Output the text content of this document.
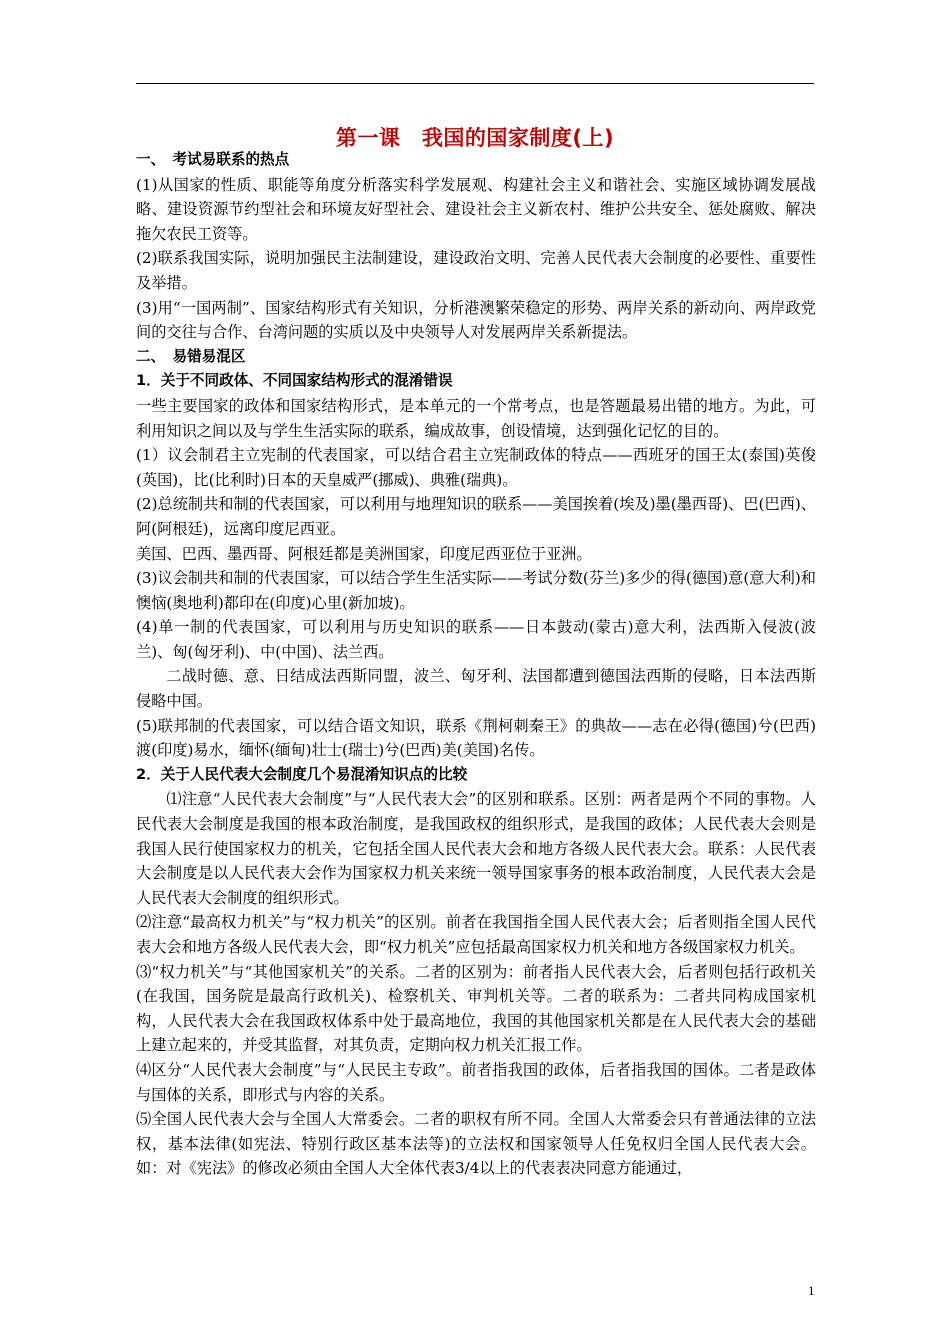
第一课　我国的国家制度(上)

一、　考试易联系的热点

(1)从国家的性质、职能等角度分析落实科学发展观、构建社会主义和谐社会、实施区域协调发展战略、建设资源节约型社会和环境友好型社会、建设社会主义新农村、维护公共安全、惩处腐败、解决拖欠农民工资等。

(2)联系我国实际，说明加强民主法制建设，建设政治文明、完善人民代表大会制度的必要性、重要性及举措。

(3)用“一国两制”、国家结构形式有关知识，分析港澳繁荣稳定的形势、两岸关系的新动向、两岸政党间的交往与合作、台湾问题的实质以及中央领导人对发展两岸关系新提法。

二、　易错易混区

1．关于不同政体、不同国家结构形式的混淆错误

一些主要国家的政体和国家结构形式，是本单元的一个常考点，也是答题最易出错的地方。为此，可利用知识之间以及与学生生活实际的联系，编成故事，创设情境，达到强化记忆的目的。

(1）议会制君主立宪制的代表国家，可以结合君主立宪制政体的特点——西班牙的国王太(泰国)英俊(英国)，比(比利时)日本的天皇威严(挪威)、典雅(瑞典)。

(2)总统制共和制的代表国家，可以利用与地理知识的联系——美国挨着(埃及)墨(墨西哥)、巴(巴西)、阿(阿根廷)，远离印度尼西亚。

美国、巴西、墨西哥、阿根廷都是美洲国家，印度尼西亚位于亚洲。

(3)议会制共和制的代表国家，可以结合学生生活实际——考试分数(芬兰)多少的得(德国)意(意大利)和懊恼(奥地利)都印在(印度)心里(新加坡)。

(4)单一制的代表国家，可以利用与历史知识的联系——日本鼓动(蒙古)意大利，法西斯入侵波(波兰)、匈(匈牙利)、中(中国)、法兰西。

二战时德、意、日结成法西斯同盟，波兰、匈牙利、法国都遭到德国法西斯的侵略，日本法西斯侵略中国。

(5)联邦制的代表国家，可以结合语文知识，联系《荆柯刺秦王》的典故——志在必得(德国)兮(巴西)渡(印度)易水，缅怀(缅甸)壮士(瑞士)兮(巴西)美(美国)名传。

2．关于人民代表大会制度几个易混淆知识点的比较

⑴注意“人民代表大会制度”与“人民代表大会”的区别和联系。区别：两者是两个不同的事物。人民代表大会制度是我国的根本政治制度，是我国政权的组织形式，是我国的政体；人民代表大会则是我国人民行使国家权力的机关，它包括全国人民代表大会和地方各级人民代表大会。联系：人民代表大会制度是以人民代表大会作为国家权力机关来统一领导国家事务的根本政治制度，人民代表大会是人民代表大会制度的组织形式。

⑵注意“最高权力机关”与“权力机关”的区别。前者在我国指全国人民代表大会；后者则指全国人民代表大会和地方各级人民代表大会，即“权力机关”应包括最高国家权力机关和地方各级国家权力机关。

⑶“权力机关”与“其他国家机关”的关系。二者的区别为：前者指人民代表大会，后者则包括行政机关(在我国，国务院是最高行政机关)、检察机关、审判机关等。二者的联系为：二者共同构成国家机构，人民代表大会在我国政权体系中处于最高地位，我国的其他国家机关都是在人民代表大会的基础上建立起来的，并受其监督，对其负责，定期向权力机关汇报工作。

⑷区分“人民代表大会制度”与“人民民主专政”。前者指我国的政体，后者指我国的国体。二者是政体与国体的关系，即形式与内容的关系。

⑸全国人民代表大会与全国人大常委会。二者的职权有所不同。全国人大常委会只有普通法律的立法权，基本法律(如宪法、特别行政区基本法等)的立法权和国家领导人任免权归全国人民代表大会。如：对《宪法》的修改必须由全国人大全体代表3/4以上的代表表决同意方能通过，

1
